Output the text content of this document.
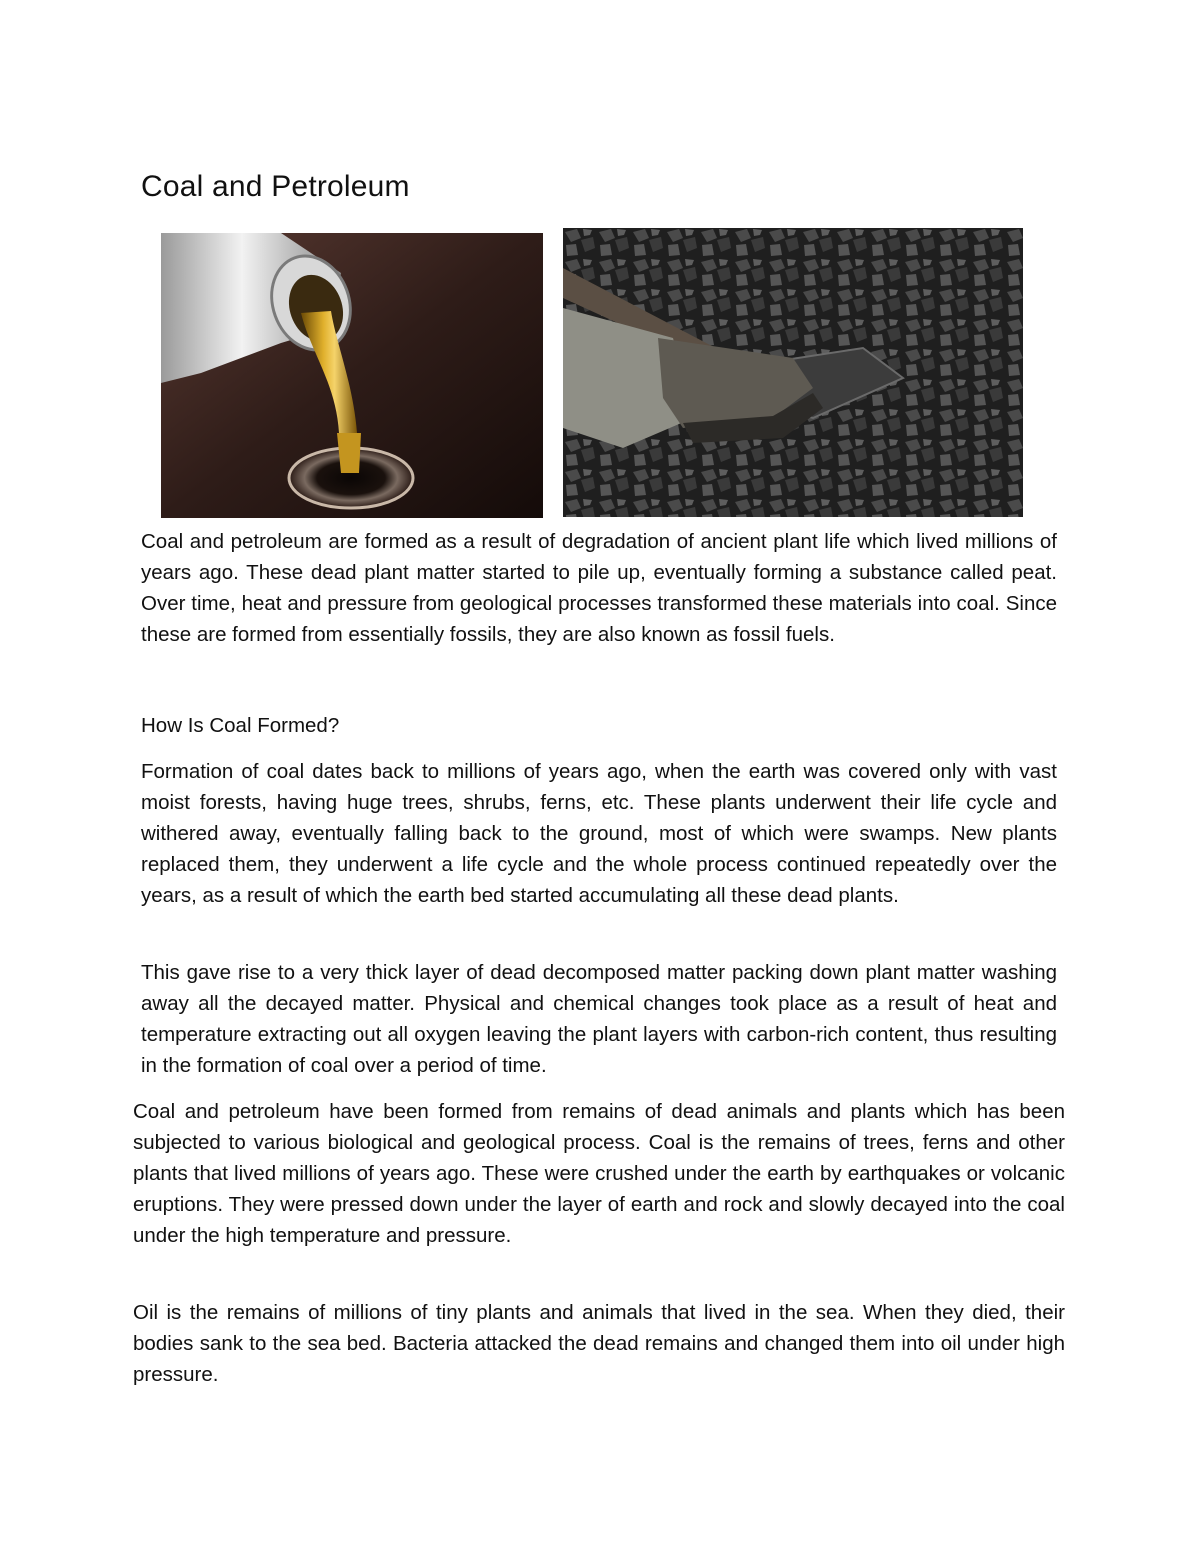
Coal and Petroleum

Coal and petroleum are formed as a result of degradation of ancient plant life which lived millions of years ago. These dead plant matter started to pile up, eventually forming a substance called peat. Over time, heat and pressure from geological processes transformed these materials into coal. Since these are formed from essentially fossils, they are also known as fossil fuels.

How Is Coal Formed?

Formation of coal dates back to millions of years ago, when the earth was covered only with vast moist forests, having huge trees, shrubs, ferns, etc. These plants underwent their life cycle and withered away, eventually falling back to the ground, most of which were swamps. New plants replaced them, they underwent a life cycle and the whole process continued repeatedly over the years, as a result of which the earth bed started accumulating all these dead plants.

This gave rise to a very thick layer of dead decomposed matter packing down plant matter washing away all the decayed matter. Physical and chemical changes took place as a result of heat and temperature extracting out all oxygen leaving the plant layers with carbon-rich content, thus resulting in the formation of coal over a period of time.

Coal and petroleum have been formed from remains of dead animals and plants which has been subjected to various biological and geological process. Coal is the remains of trees, ferns and other plants that lived millions of years ago. These were crushed under the earth by earthquakes or volcanic eruptions. They were pressed down under the layer of earth and rock and slowly decayed into the coal under the high temperature and pressure.

Oil is the remains of millions of tiny plants and animals that lived in the sea. When they died, their bodies sank to the sea bed. Bacteria attacked the dead remains and changed them into oil under high pressure.
